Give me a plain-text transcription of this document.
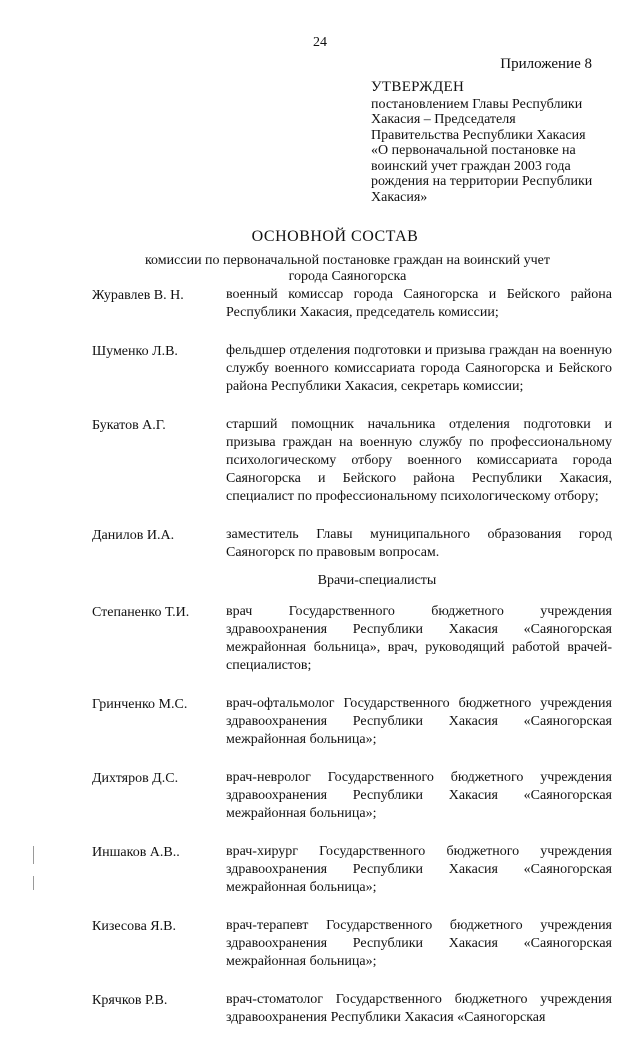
24
Приложение 8
УТВЕРЖДЕН
постановлением Главы Республики
Хакасия – Председателя
Правительства Республики Хакасия
«О первоначальной постановке на
воинский учет граждан 2003 года
рождения на территории Республики
Хакасия»
ОСНОВНОЙ СОСТАВ
комиссии по первоначальной постановке граждан на воинский учет
города Саяногорска
Журавлев В. Н.	военный комиссар города Саяногорска и Бейского района Республики Хакасия, председатель комиссии;
Шуменко Л.В.	фельдшер отделения подготовки и призыва граждан на военную службу военного комиссариата города Саяногорска и Бейского района Республики Хакасия, секретарь комиссии;
Букатов А.Г.	старший помощник начальника отделения подготовки и призыва граждан на военную службу по профессиональному психологическому отбору военного комиссариата города Саяногорска и Бейского района Республики Хакасия, специалист по профессиональному психологическому отбору;
Данилов И.А.	заместитель Главы муниципального образования город Саяногорск по правовым вопросам.
Врачи-специалисты
Степаненко Т.И.	врач Государственного бюджетного учреждения здравоохранения Республики Хакасия «Саяногорская межрайонная больница», врач, руководящий работой врачей-специалистов;
Гринченко М.С.	врач-офтальмолог Государственного бюджетного учреждения здравоохранения Республики Хакасия «Саяногорская межрайонная больница»;
Дихтяров Д.С.	врач-невролог Государственного бюджетного учреждения здравоохранения Республики Хакасия «Саяногорская межрайонная больница»;
Иншаков А.В..	врач-хирург Государственного бюджетного учреждения здравоохранения Республики Хакасия «Саяногорская межрайонная больница»;
Кизесова Я.В.	врач-терапевт Государственного бюджетного учреждения здравоохранения Республики Хакасия «Саяногорская межрайонная больница»;
Крячков Р.В.	врач-стоматолог Государственного бюджетного учреждения здравоохранения Республики Хакасия «Саяногорская
